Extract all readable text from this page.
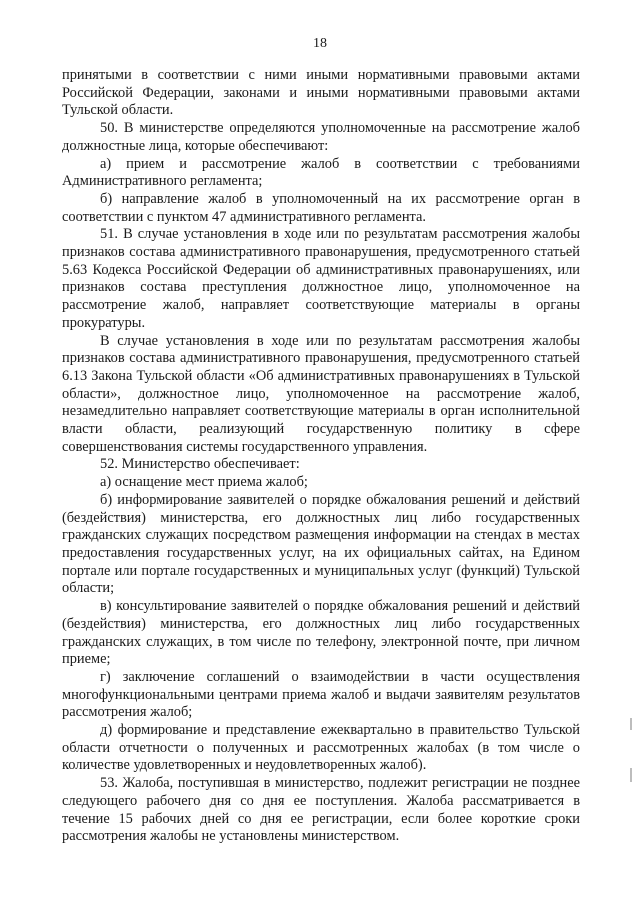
18

принятыми в соответствии с ними иными нормативными правовыми актами Российской Федерации, законами и иными нормативными правовыми актами Тульской области.

50. В министерстве определяются уполномоченные на рассмотрение жалоб должностные лица, которые обеспечивают:

а) прием и рассмотрение жалоб в соответствии с требованиями Административного регламента;

б) направление жалоб в уполномоченный на их рассмотрение орган в соответствии с пунктом 47 административного регламента.

51. В случае установления в ходе или по результатам рассмотрения жалобы признаков состава административного правонарушения, предусмотренного статьей 5.63 Кодекса Российской Федерации об административных правонарушениях, или признаков состава преступления должностное лицо, уполномоченное на рассмотрение жалоб, направляет соответствующие материалы в органы прокуратуры.

В случае установления в ходе или по результатам рассмотрения жалобы признаков состава административного правонарушения, предусмотренного статьей 6.13 Закона Тульской области «Об административных правонарушениях в Тульской области», должностное лицо, уполномоченное на рассмотрение жалоб, незамедлительно направляет соответствующие материалы в орган исполнительной власти области, реализующий государственную политику в сфере совершенствования системы государственного управления.

52. Министерство обеспечивает:

а) оснащение мест приема жалоб;

б) информирование заявителей о порядке обжалования решений и действий (бездействия) министерства, его должностных лиц либо государственных гражданских служащих посредством размещения информации на стендах в местах предоставления государственных услуг, на их официальных сайтах, на Едином портале или портале государственных и муниципальных услуг (функций) Тульской области;

в) консультирование заявителей о порядке обжалования решений и действий (бездействия) министерства, его должностных лиц либо государственных гражданских служащих, в том числе по телефону, электронной почте, при личном приеме;

г) заключение соглашений о взаимодействии в части осуществления многофункциональными центрами приема жалоб и выдачи заявителям результатов рассмотрения жалоб;

д) формирование и представление ежеквартально в правительство Тульской области отчетности о полученных и рассмотренных жалобах (в том числе о количестве удовлетворенных и неудовлетворенных жалоб).

53. Жалоба, поступившая в министерство, подлежит регистрации не позднее следующего рабочего дня со дня ее поступления. Жалоба рассматривается в течение 15 рабочих дней со дня ее регистрации, если более короткие сроки рассмотрения жалобы не установлены министерством.
